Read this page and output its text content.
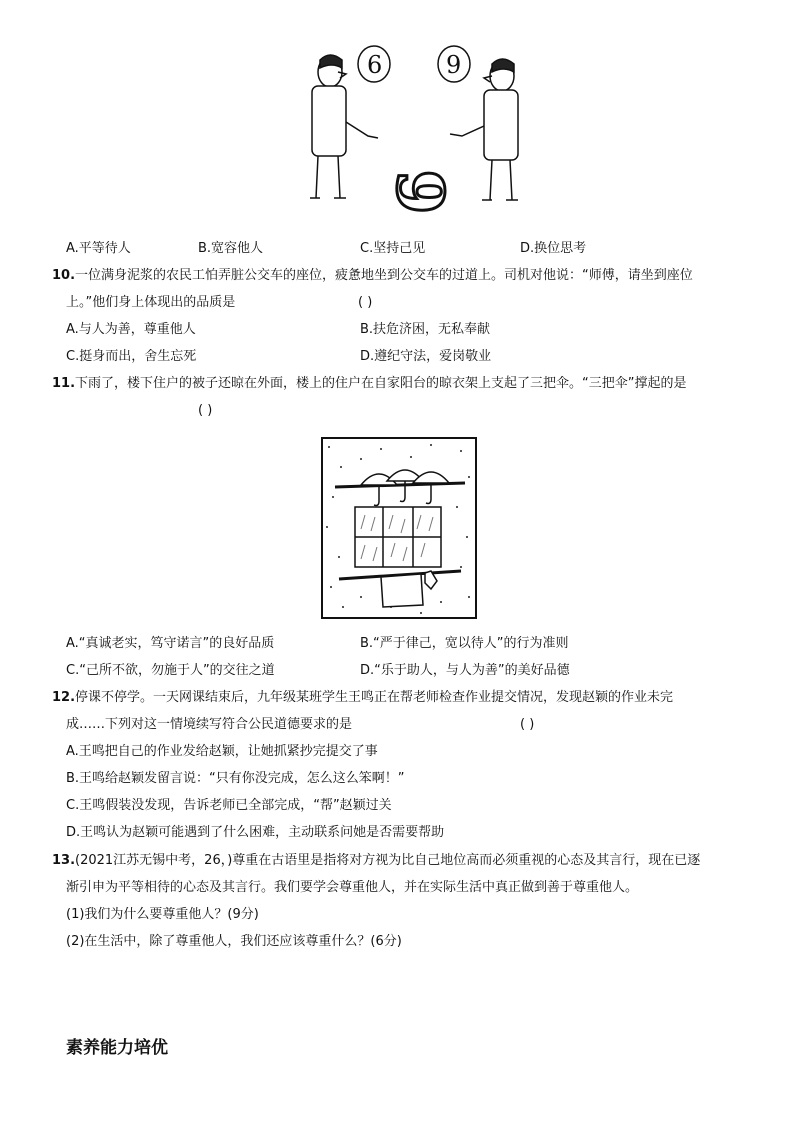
6	9
6
A.平等待人	B.宽容他人	C.坚持己见	D.换位思考
10.一位满身泥浆的农民工怕弄脏公交车的座位，疲惫地坐到公交车的过道上。司机对他说：“师傅，请坐到座位
上。”他们身上体现出的品质是	( )
A.与人为善，尊重他人	B.扶危济困，无私奉献
C.挺身而出，舍生忘死	D.遵纪守法，爱岗敬业
11.下雨了，楼下住户的被子还晾在外面，楼上的住户在自家阳台的晾衣架上支起了三把伞。“三把伞”撑起的是
( )
A.“真诚老实，笃守诺言”的良好品质	B.“严于律己，宽以待人”的行为准则
C.“己所不欲，勿施于人”的交往之道	D.“乐于助人，与人为善”的美好品德
12.停课不停学。一天网课结束后，九年级某班学生王鸣正在帮老师检查作业提交情况，发现赵颖的作业未完
成……下列对这一情境续写符合公民道德要求的是	( )
A.王鸣把自己的作业发给赵颖，让她抓紧抄完提交了事
B.王鸣给赵颖发留言说：“只有你没完成，怎么这么笨啊！”
C.王鸣假装没发现，告诉老师已全部完成，“帮”赵颖过关
D.王鸣认为赵颖可能遇到了什么困难，主动联系问她是否需要帮助
13.(2021江苏无锡中考，26，)尊重在古语里是指将对方视为比自己地位高而必须重视的心态及其言行，现在已逐
渐引申为平等相待的心态及其言行。我们要学会尊重他人，并在实际生活中真正做到善于尊重他人。
(1)我们为什么要尊重他人？(9分)
(2)在生活中，除了尊重他人，我们还应该尊重什么？(6分)
素养能力培优
